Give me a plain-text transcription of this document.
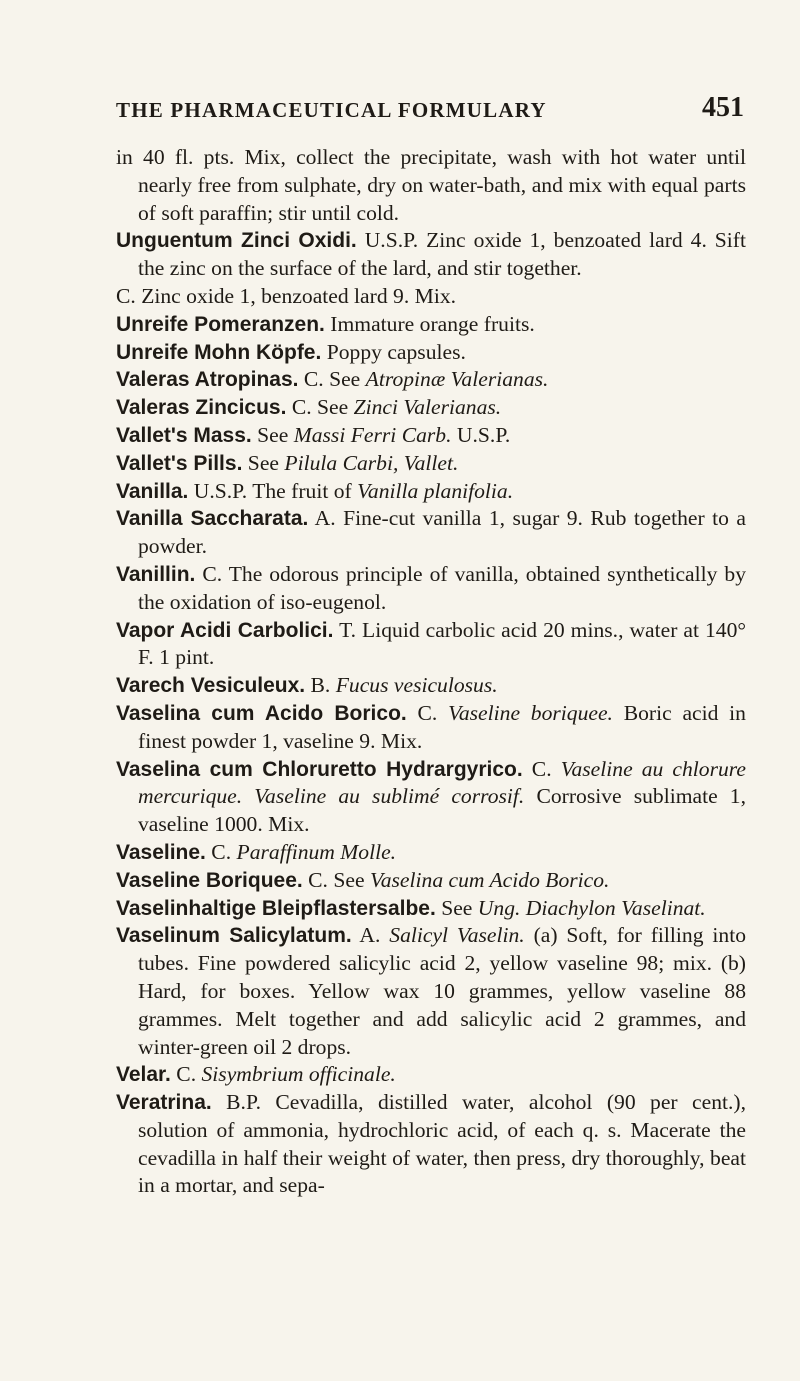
THE PHARMACEUTICAL FORMULARY	451

in 40 fl. pts. Mix, collect the precipitate, wash with hot water until nearly free from sulphate, dry on water-bath, and mix with equal parts of soft paraffin; stir until cold.

Unguentum Zinci Oxidi. U.S.P. Zinc oxide 1, benzoated lard 4. Sift the zinc on the surface of the lard, and stir together.

C. Zinc oxide 1, benzoated lard 9. Mix.

Unreife Pomeranzen. Immature orange fruits.

Unreife Mohn Köpfe. Poppy capsules.

Valeras Atropinas. C. See Atropinæ Valerianas.

Valeras Zincicus. C. See Zinci Valerianas.

Vallet's Mass. See Massi Ferri Carb. U.S.P.

Vallet's Pills. See Pilula Carbi, Vallet.

Vanilla. U.S.P. The fruit of Vanilla planifolia.

Vanilla Saccharata. A. Fine-cut vanilla 1, sugar 9. Rub together to a powder.

Vanillin. C. The odorous principle of vanilla, obtained synthetically by the oxidation of iso-eugenol.

Vapor Acidi Carbolici. T. Liquid carbolic acid 20 mins., water at 140° F. 1 pint.

Varech Vesiculeux. B. Fucus vesiculosus.

Vaselina cum Acido Borico. C. Vaseline boriquee. Boric acid in finest powder 1, vaseline 9. Mix.

Vaselina cum Chloruretto Hydrargyrico. C. Vaseline au chlorure mercurique. Vaseline au sublimé corrosif. Corrosive sublimate 1, vaseline 1000. Mix.

Vaseline. C. Paraffinum Molle.

Vaseline Boriquee. C. See Vaselina cum Acido Borico.

Vaselinhaltige Bleipflastersalbe. See Ung. Diachylon Vaselinat.

Vaselinum Salicylatum. A. Salicyl Vaselin. (a) Soft, for filling into tubes. Fine powdered salicylic acid 2, yellow vaseline 98; mix. (b) Hard, for boxes. Yellow wax 10 grammes, yellow vaseline 88 grammes. Melt together and add salicylic acid 2 grammes, and winter-green oil 2 drops.

Velar. C. Sisymbrium officinale.

Veratrina. B.P. Cevadilla, distilled water, alcohol (90 per cent.), solution of ammonia, hydrochloric acid, of each q. s. Macerate the cevadilla in half their weight of water, then press, dry thoroughly, beat in a mortar, and sepa-
